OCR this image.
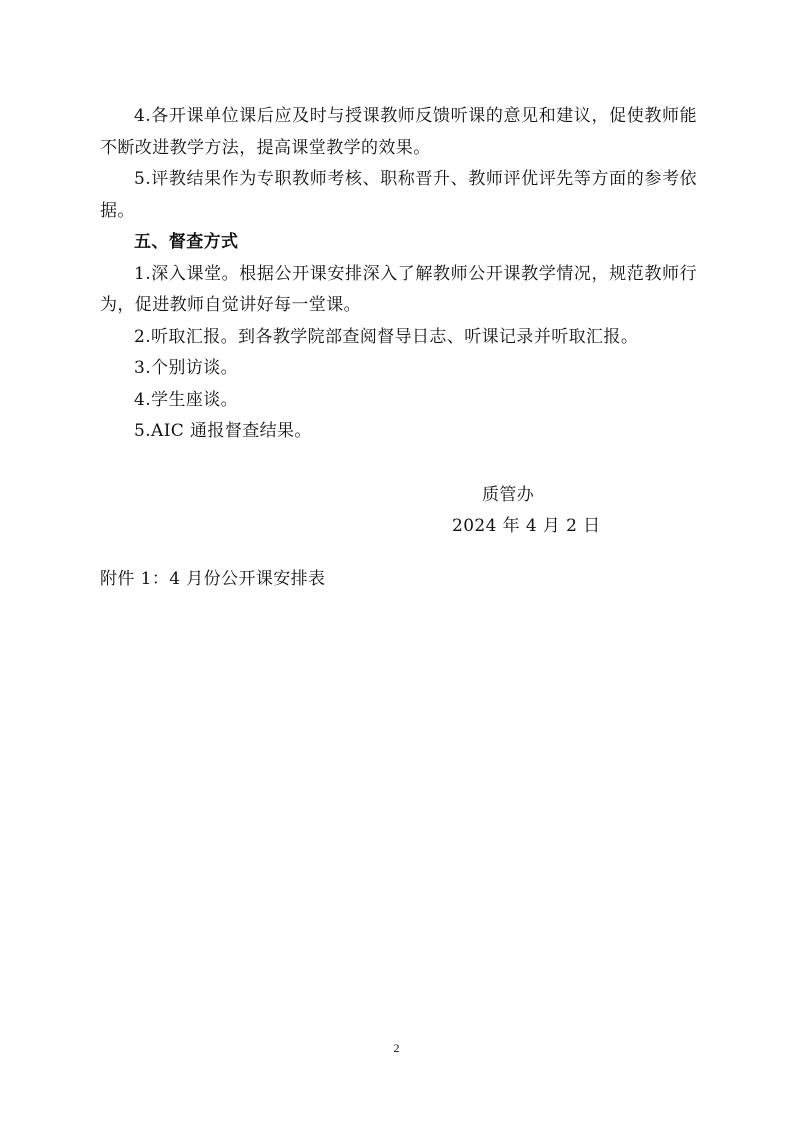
4.各开课单位课后应及时与授课教师反馈听课的意见和建议，促使教师能不断改进教学方法，提高课堂教学的效果。

5.评教结果作为专职教师考核、职称晋升、教师评优评先等方面的参考依据。

五、督查方式

1.深入课堂。根据公开课安排深入了解教师公开课教学情况，规范教师行为，促进教师自觉讲好每一堂课。

2.听取汇报。到各教学院部查阅督导日志、听课记录并听取汇报。

3.个别访谈。

4.学生座谈。

5.AIC 通报督查结果。

质管办
2024 年 4 月 2 日
附件 1：4 月份公开课安排表
2
